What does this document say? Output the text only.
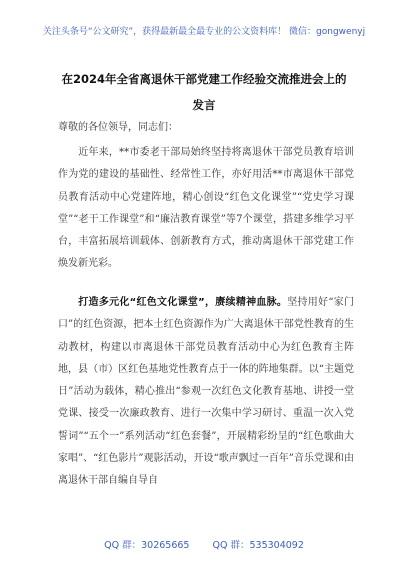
关注头条号“公文研究”，获得最新最全最专业的公文资料库！ 微信：gongwenyj
在2024年全省离退休干部党建工作经验交流推进会上的发言
尊敬的各位领导，同志们：

近年来，**市委老干部局始终坚持将离退休干部党员教育培训作为党的建设的基础性、经常性工作，亦好用活**市离退休干部党员教育活动中心党建阵地，精心创设“红色文化课堂”“党史学习课堂”“老干工作课堂”和“廉洁教育课堂”等7个课堂，搭建多维学习平台，丰富拓展培训载体、创新教育方式，推动离退休干部党建工作焕发新光彩。

打造多元化“红色文化课堂”，赓续精神血脉。坚持用好“家门口”的红色资源，把本土红色资源作为广大离退休干部党性教育的生动教材，构建以市离退休干部党员教育活动中心为红色教育主阵地，县（市）区红色基地党性教育点于一体的阵地集群。以“主题党日”活动为载体，精心推出“参观一次红色文化教育基地、讲授一堂党课、接受一次廉政教育、进行一次集中学习研讨、重温一次入党誓词”“五个一”系列活动“红色套餐”，开展精彩纷呈的“红色歌曲大家唱”、“红色影片”观影活动，开设“歌声飘过一百年”音乐党课和由离退休干部自编自导自

QQ 群：30265665 QQ 群：535304092
